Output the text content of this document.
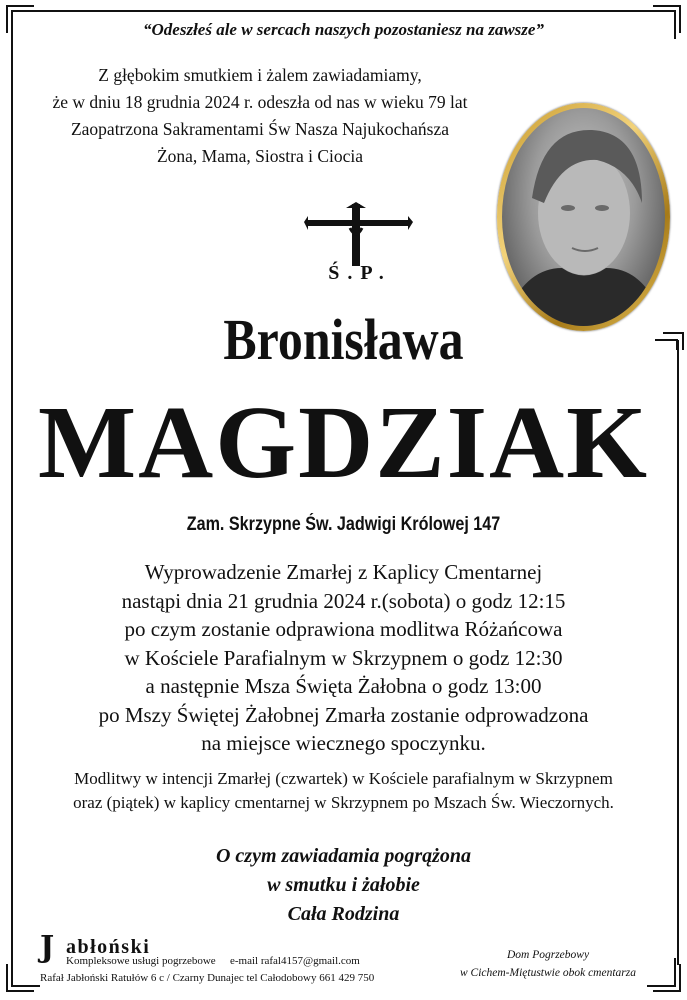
“Odeszłeś ale w sercach naszych pozostaniesz na zawsze”
Z głębokim smutkiem i żalem zawiadamiamy,
że w dniu 18 grudnia 2024 r. odeszła od nas w wieku 79 lat
Zaopatrzona Sakramentami Św Nasza Najukochańsza
Żona, Mama, Siostra i Ciocia
Ś.P.
Bronisława
MAGDZIAK
Zam. Skrzypne Św. Jadwigi Królowej 147
Wyprowadzenie Zmarłej z Kaplicy Cmentarnej
nastąpi dnia 21 grudnia 2024 r.(sobota) o godz 12:15
po czym zostanie odprawiona modlitwa Różańcowa
w Kościele Parafialnym w Skrzypnem o godz 12:30
a następnie Msza Święta Żałobna o godz 13:00
po Mszy Świętej Żałobnej Zmarła zostanie odprowadzona
na miejsce wiecznego spoczynku.
Modlitwy w intencji Zmarłej (czwartek) w Kościele parafialnym w Skrzypnem
oraz (piątek) w kaplicy cmentarnej w Skrzypnem po Mszach Św. Wieczornych.
O czym zawiadamia pogrążona
w smutku i żałobie
Cała Rodzina
J abłoński
Kompleksowe usługi pogrzebowe e-mail rafal4157@gmail.com
Rafał Jabłoński Ratułów 6 c / Czarny Dunajec tel Całodobowy 661 429 750
Dom Pogrzebowy
w Cichem-Miętustwie obok cmentarza
